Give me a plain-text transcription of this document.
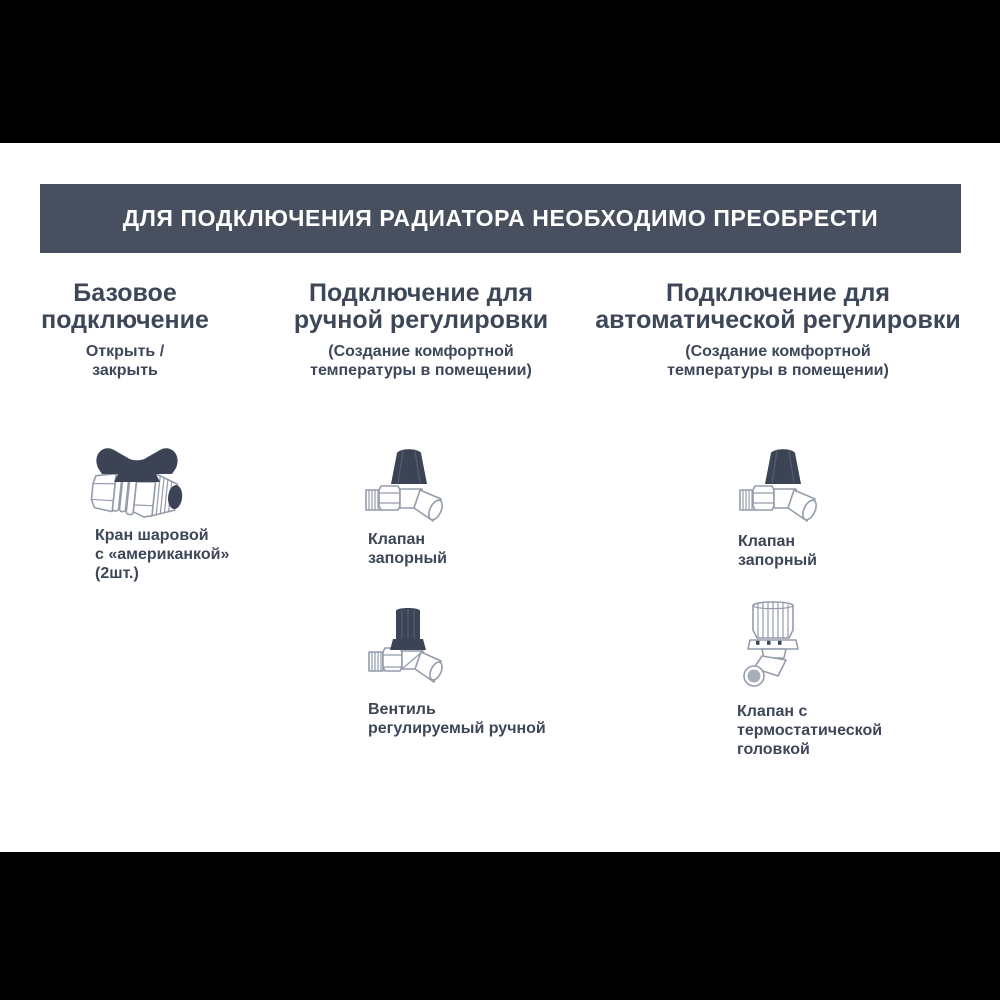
ДЛЯ ПОДКЛЮЧЕНИЯ РАДИАТОРА НЕОБХОДИМО ПРЕОБРЕСТИ
Базовое
подключение

Открыть /
закрыть

Подключение для
ручной регулировки

(Создание комфортной
температуры в помещении)

Подключение для
автоматической регулировки

(Создание комфортной
температуры в помещении)

Кран шаровой
с «американкой»
(2шт.)
Клапан
запорный
Вентиль
регулируемый ручной
Клапан
запорный
Клапан с
термостатической
головкой
